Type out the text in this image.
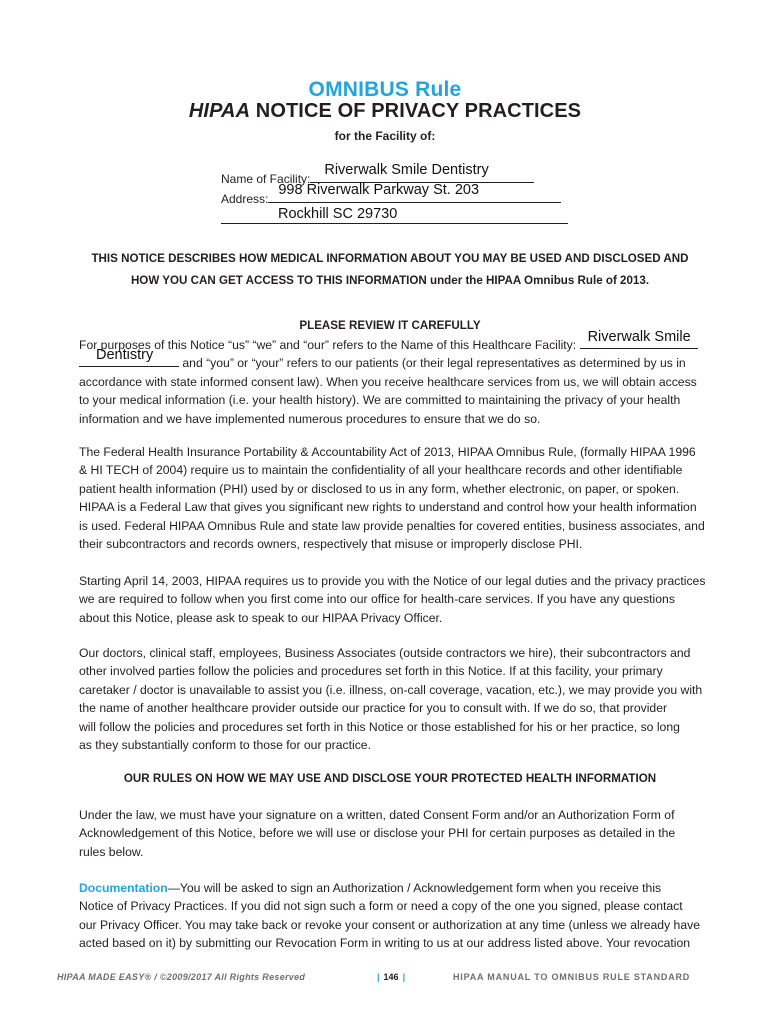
OMNIBUS Rule
HIPAA NOTICE OF PRIVACY PRACTICES
for the Facility of:
Name of Facility:
Riverwalk Smile Dentistry
Address:
998 Riverwalk Parkway St. 203
Rockhill SC 29730
THIS NOTICE DESCRIBES HOW MEDICAL INFORMATION ABOUT YOU MAY BE USED AND DISCLOSED AND
HOW YOU CAN GET ACCESS TO THIS INFORMATION under the HIPAA Omnibus Rule of 2013.
PLEASE REVIEW IT CAREFULLY
For purposes of this Notice “us” “we” and “our” refers to the Name of this Healthcare Facility: Riverwalk Smile
Dentistry and “you” or “your” refers to our patients (or their legal representatives as determined by us in
accordance with state informed consent law). When you receive healthcare services from us, we will obtain access
to your medical information (i.e. your health history). We are committed to maintaining the privacy of your health
information and we have implemented numerous procedures to ensure that we do so.
The Federal Health Insurance Portability & Accountability Act of 2013, HIPAA Omnibus Rule, (formally HIPAA 1996
& HI TECH of 2004) require us to maintain the confidentiality of all your healthcare records and other identifiable
patient health information (PHI) used by or disclosed to us in any form, whether electronic, on paper, or spoken.
HIPAA is a Federal Law that gives you significant new rights to understand and control how your health information
is used. Federal HIPAA Omnibus Rule and state law provide penalties for covered entities, business associates, and
their subcontractors and records owners, respectively that misuse or improperly disclose PHI.
Starting April 14, 2003, HIPAA requires us to provide you with the Notice of our legal duties and the privacy practices
we are required to follow when you first come into our office for health-care services. If you have any questions
about this Notice, please ask to speak to our HIPAA Privacy Officer.
Our doctors, clinical staff, employees, Business Associates (outside contractors we hire), their subcontractors and
other involved parties follow the policies and procedures set forth in this Notice. If at this facility, your primary
caretaker / doctor is unavailable to assist you (i.e. illness, on-call coverage, vacation, etc.), we may provide you with
the name of another healthcare provider outside our practice for you to consult with. If we do so, that provider
will follow the policies and procedures set forth in this Notice or those established for his or her practice, so long
as they substantially conform to those for our practice.
OUR RULES ON HOW WE MAY USE AND DISCLOSE YOUR PROTECTED HEALTH INFORMATION
Under the law, we must have your signature on a written, dated Consent Form and/or an Authorization Form of
Acknowledgement of this Notice, before we will use or disclose your PHI for certain purposes as detailed in the
rules below.
Documentation—You will be asked to sign an Authorization / Acknowledgement form when you receive this
Notice of Privacy Practices. If you did not sign such a form or need a copy of the one you signed, please contact
our Privacy Officer. You may take back or revoke your consent or authorization at any time (unless we already have
acted based on it) by submitting our Revocation Form in writing to us at our address listed above. Your revocation
HIPAA MADE EASY® / ©2009/2017 All Rights Reserved	| 146 |	HIPAA MANUAL TO OMNIBUS RULE STANDARD
